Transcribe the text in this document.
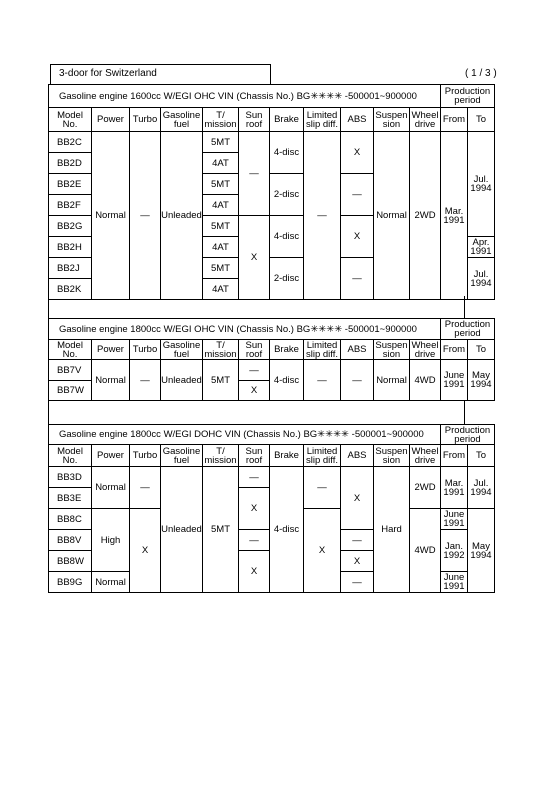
3-door for Switzerland	( 1 / 3 )
Gasoline engine 1600cc W/EGI OHC VIN (Chassis No.) BG✳✳✳✳ -500001~900000											Production period	
Model No.	Power	Turbo	Gasoline fuel	T/ mission	Sun roof	Brake	Limited slip diff.	ABS	Suspen sion	Wheel drive	From	To
BB2C	Normal	—	Unleaded	5MT	—	4-disc	—	X	Normal	2WD	Mar. 1991	Jul. 1994
BB2D				4AT								
BB2E				5MT		2-disc		—				
BB2F				4AT								
BB2G				5MT	X	4-disc		X				
BB2H				4AT								Apr. 1991
BB2J				5MT		2-disc		—				Jul. 1994
BB2K				4AT								
Gasoline engine 1800cc W/EGI OHC VIN (Chassis No.) BG✳✳✳✳ -500001~900000											Production period	
Model No.	Power	Turbo	Gasoline fuel	T/ mission	Sun roof	Brake	Limited slip diff.	ABS	Suspen sion	Wheel drive	From	To
BB7V	Normal	—	Unleaded	5MT	—	4-disc	—	—	Normal	4WD	June 1991	May 1994
BB7W					X							
Gasoline engine 1800cc W/EGI DOHC VIN (Chassis No.) BG✳✳✳✳ -500001~900000											Production period	
Model No.	Power	Turbo	Gasoline fuel	T/ mission	Sun roof	Brake	Limited slip diff.	ABS	Suspen sion	Wheel drive	From	To
BB3D	Normal	—	Unleaded	5MT	—	4-disc	—	X	Hard	2WD	Mar. 1991	Jul. 1994
BB3E					X							
BB8C	High	X					X			4WD	June 1991	May 1994
BB8V					—			—			Jan. 1992	
BB8W					X			X				
BB9G	Normal							—			June 1991	
